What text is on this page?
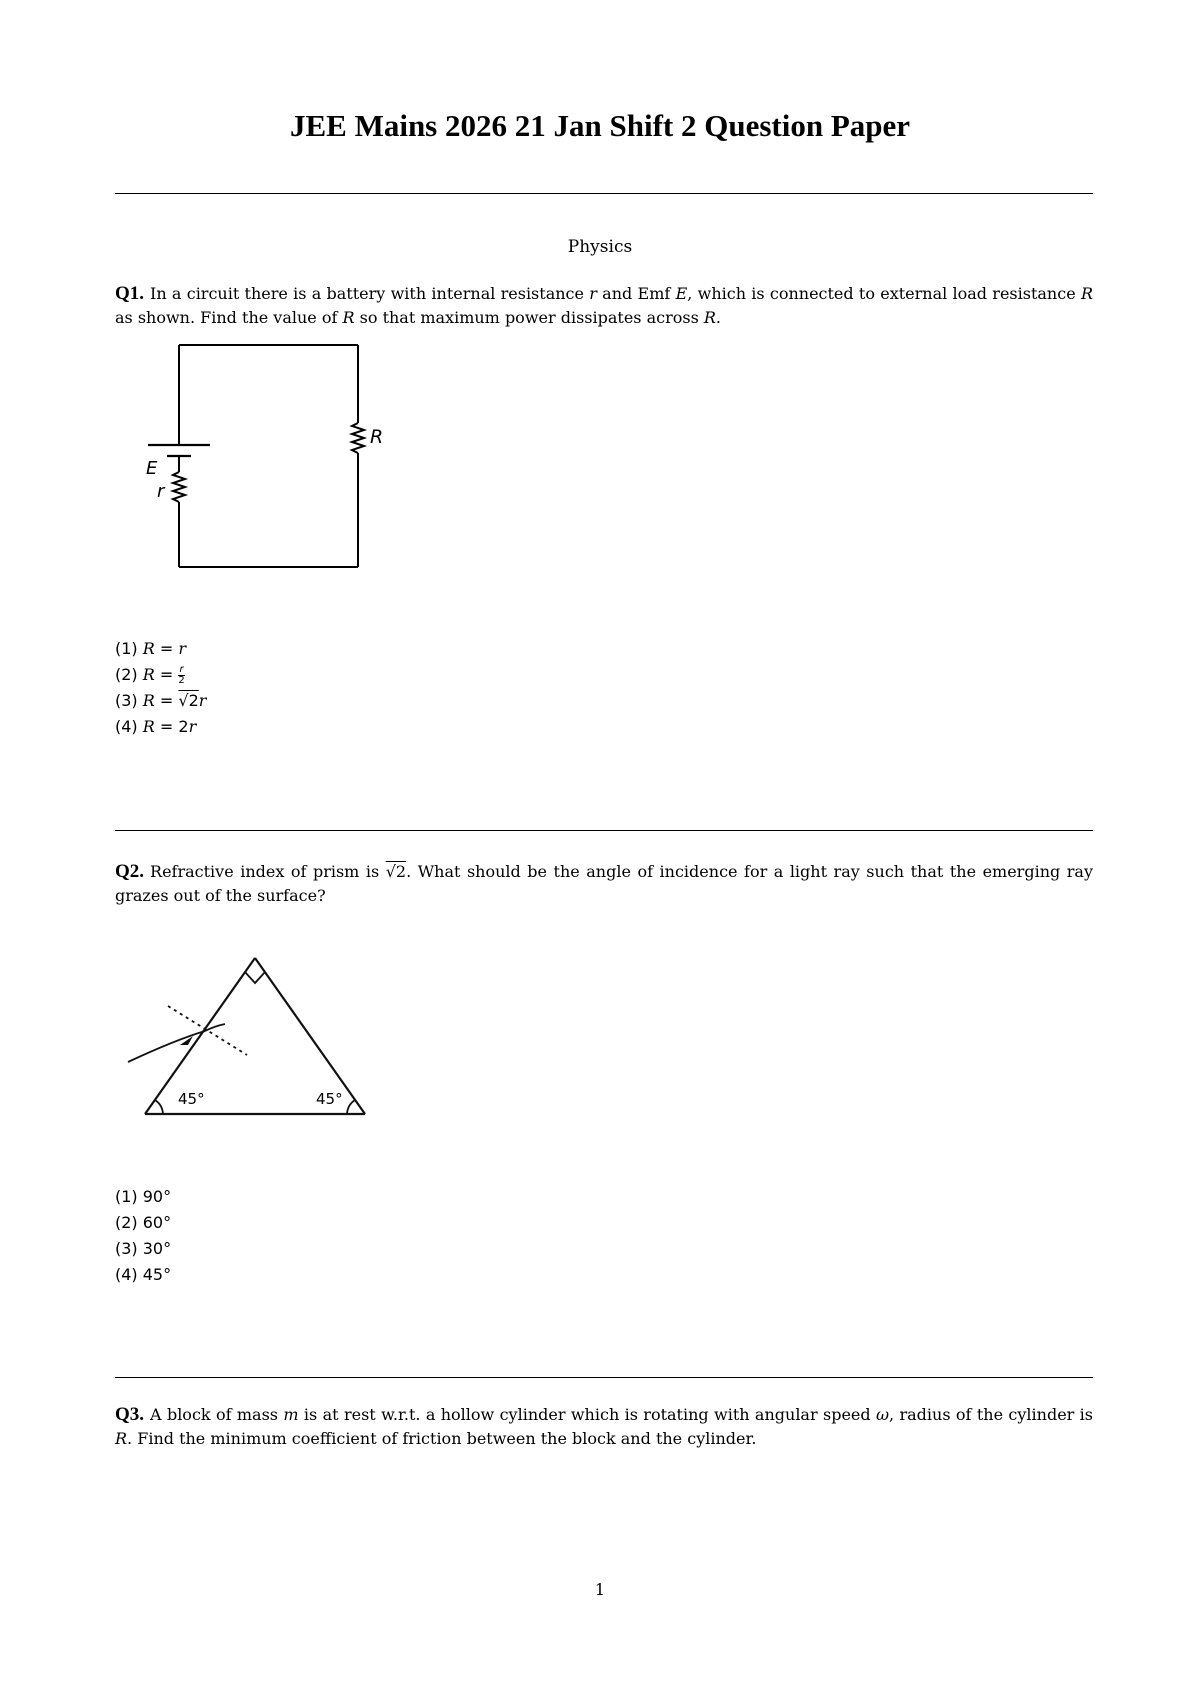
JEE Mains 2026 21 Jan Shift 2 Question Paper
Physics
Q1. In a circuit there is a battery with internal resistance r and Emf E, which is connected to external load resistance R as shown. Find the value of R so that maximum power dissipates across R.
R
E
r
(1) R = r
(2) $R = \frac{r}{2}$
(3) R = √2r
(4) R = 2r
Q2. Refractive index of prism is √2. What should be the angle of incidence for a light ray such that the emerging ray grazes out of the surface?
45°	45°
(1) 90°
(2) 60°
(3) 30°
(4) 45°
Q3. A block of mass m is at rest w.r.t. a hollow cylinder which is rotating with angular speed ω, radius of the cylinder is R. Find the minimum coefficient of friction between the block and the cylinder.
1
